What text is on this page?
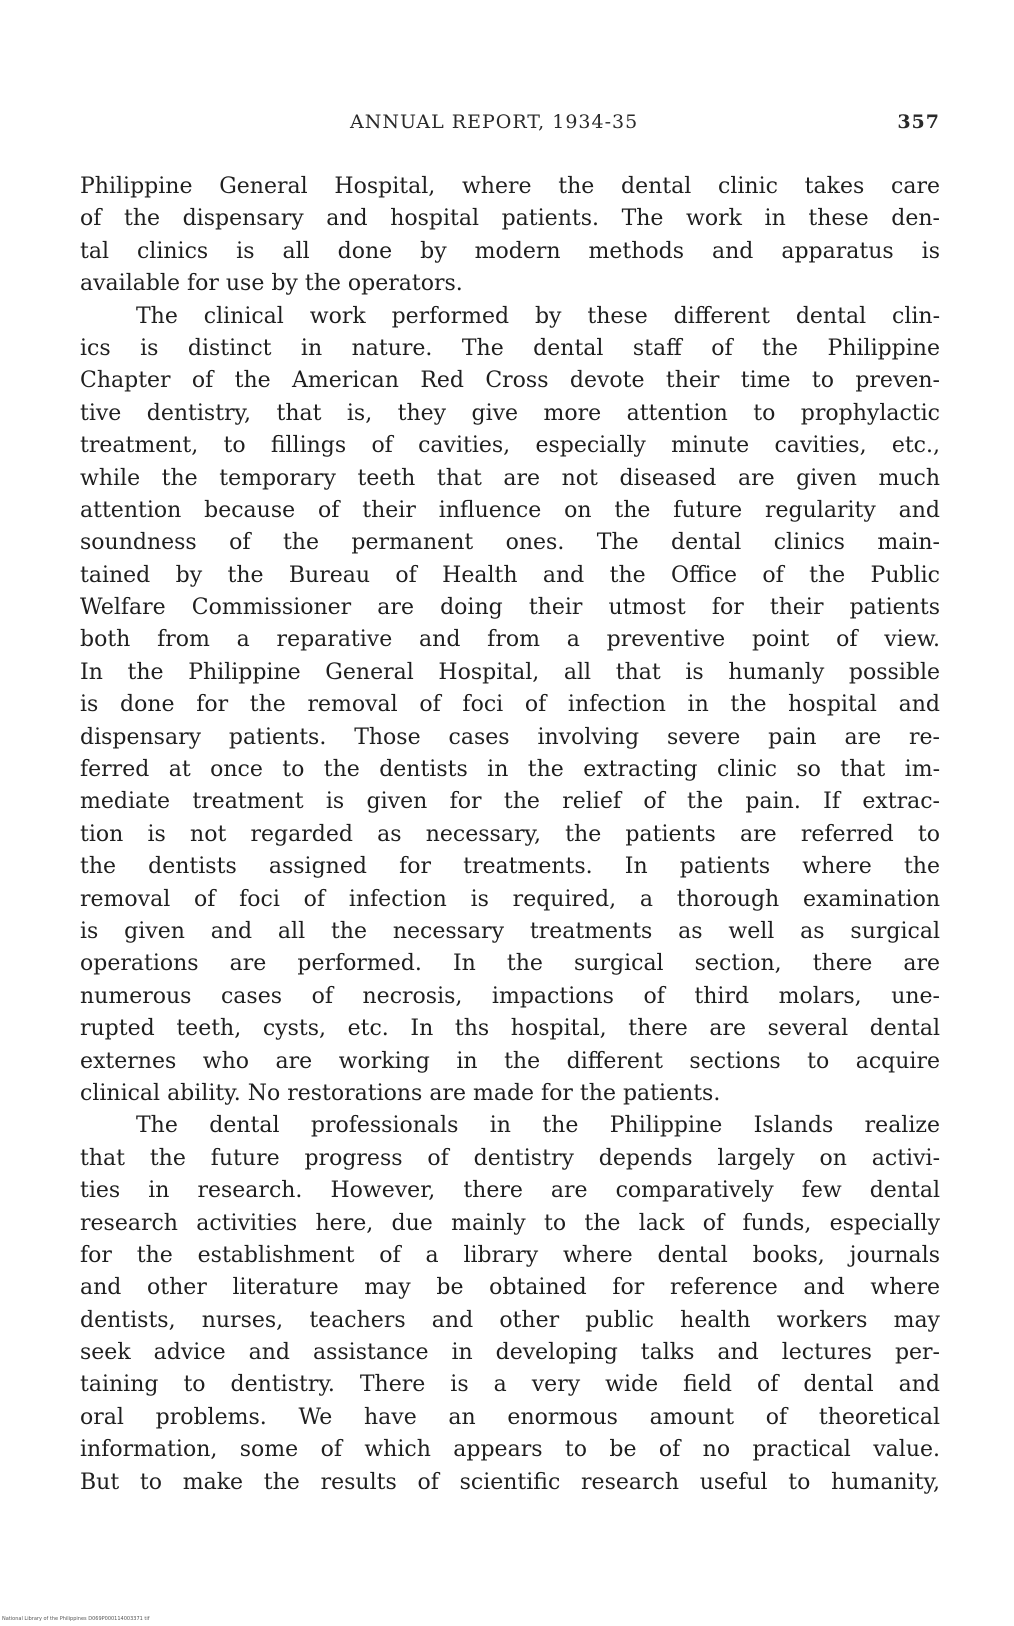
ANNUAL REPORT, 1934-35	357
Philippine General Hospital, where the dental clinic takes care
of the dispensary and hospital patients. The work in these den-
tal clinics is all done by modern methods and apparatus is
available for use by the operators.
The clinical work performed by these different dental clin-
ics is distinct in nature. The dental staff of the Philippine
Chapter of the American Red Cross devote their time to preven-
tive dentistry, that is, they give more attention to prophylactic
treatment, to fillings of cavities, especially minute cavities, etc.,
while the temporary teeth that are not diseased are given much
attention because of their influence on the future regularity and
soundness of the permanent ones. The dental clinics main-
tained by the Bureau of Health and the Office of the Public
Welfare Commissioner are doing their utmost for their patients
both from a reparative and from a preventive point of view.
In the Philippine General Hospital, all that is humanly possible
is done for the removal of foci of infection in the hospital and
dispensary patients. Those cases involving severe pain are re-
ferred at once to the dentists in the extracting clinic so that im-
mediate treatment is given for the relief of the pain. If extrac-
tion is not regarded as necessary, the patients are referred to
the dentists assigned for treatments. In patients where the
removal of foci of infection is required, a thorough examination
is given and all the necessary treatments as well as surgical
operations are performed. In the surgical section, there are
numerous cases of necrosis, impactions of third molars, une-
rupted teeth, cysts, etc. In ths hospital, there are several dental
externes who are working in the different sections to acquire
clinical ability. No restorations are made for the patients.
The dental professionals in the Philippine Islands realize
that the future progress of dentistry depends largely on activi-
ties in research. However, there are comparatively few dental
research activities here, due mainly to the lack of funds, especially
for the establishment of a library where dental books, journals
and other literature may be obtained for reference and where
dentists, nurses, teachers and other public health workers may
seek advice and assistance in developing talks and lectures per-
taining to dentistry. There is a very wide field of dental and
oral problems. We have an enormous amount of theoretical
information, some of which appears to be of no practical value.
But to make the results of scientific research useful to humanity,
National Library of the Philippines D069P000114003371 tif
